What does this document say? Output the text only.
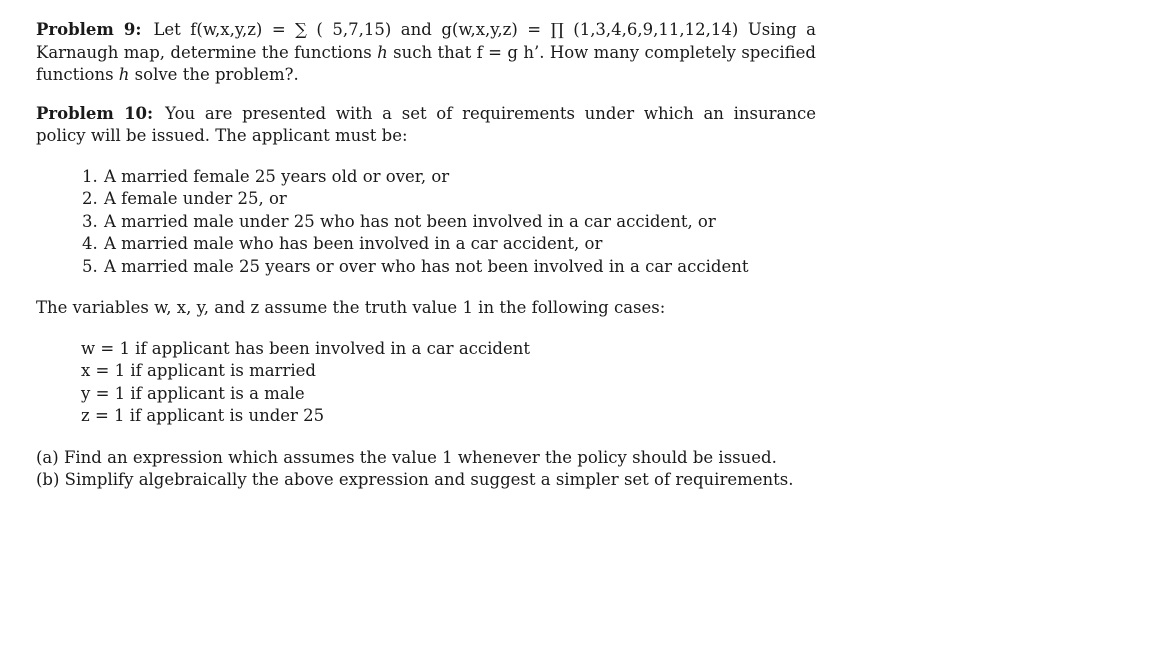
Problem 9: Let f(w,x,y,z) = ∑ ( 5,7,15) and g(w,x,y,z) = ∏ (1,3,4,6,9,11,12,14) Using a Karnaugh map, determine the functions h such that f = g h’. How many completely specified functions h solve the problem?.

Problem 10: You are presented with a set of requirements under which an insurance policy will be issued. The applicant must be:

1. A married female 25 years old or over, or
2. A female under 25, or
3. A married male under 25 who has not been involved in a car accident, or
4. A married male who has been involved in a car accident, or
5. A married male 25 years or over who has not been involved in a car accident

The variables w, x, y, and z assume the truth value 1 in the following cases:

w = 1 if applicant has been involved in a car accident
x = 1 if applicant is married
y = 1 if applicant is a male
z = 1 if applicant is under 25
(a) Find an expression which assumes the value 1 whenever the policy should be issued.
(b) Simplify algebraically the above expression and suggest a simpler set of requirements.
